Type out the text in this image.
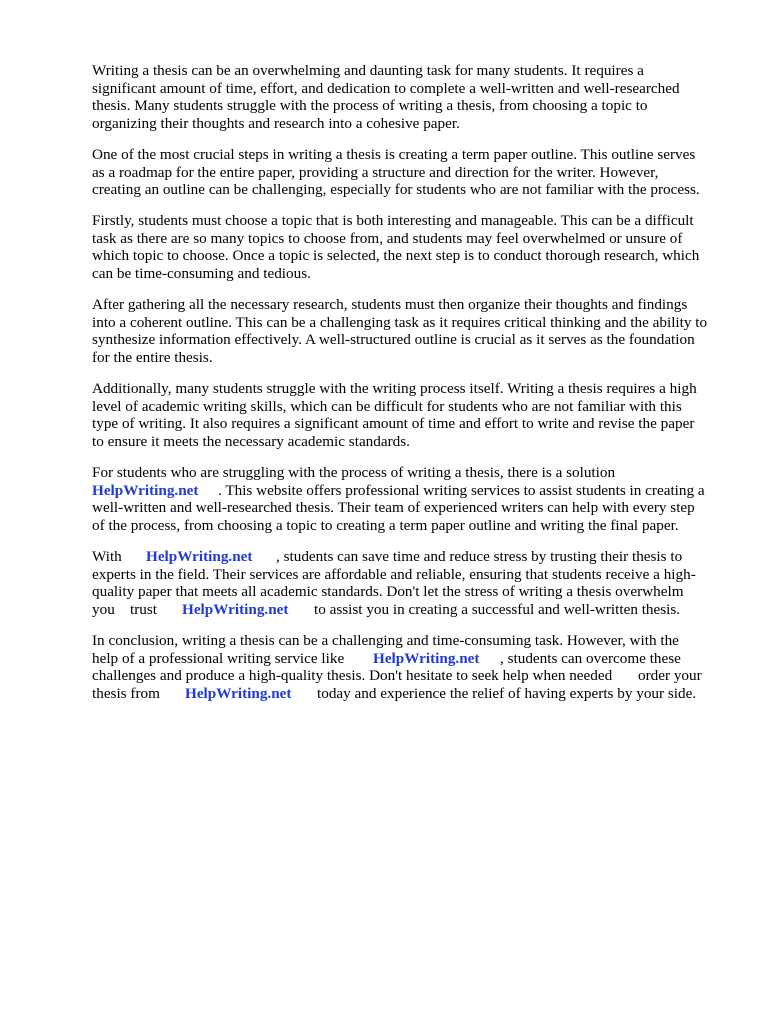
Writing a thesis can be an overwhelming and daunting task for many students. It requires a

significant amount of time, effort, and dedication to complete a well-written and well-researched

thesis. Many students struggle with the process of writing a thesis, from choosing a topic to

organizing their thoughts and research into a cohesive paper.

One of the most crucial steps in writing a thesis is creating a term paper outline. This outline serves

as a roadmap for the entire paper, providing a structure and direction for the writer. However,

creating an outline can be challenging, especially for students who are not familiar with the process.

Firstly, students must choose a topic that is both interesting and manageable. This can be a difficult

task as there are so many topics to choose from, and students may feel overwhelmed or unsure of

which topic to choose. Once a topic is selected, the next step is to conduct thorough research, which

can be time-consuming and tedious.

After gathering all the necessary research, students must then organize their thoughts and findings

into a coherent outline. This can be a challenging task as it requires critical thinking and the ability to

synthesize information effectively. A well-structured outline is crucial as it serves as the foundation

for the entire thesis.

Additionally, many students struggle with the writing process itself. Writing a thesis requires a high

level of academic writing skills, which can be difficult for students who are not familiar with this

type of writing. It also requires a significant amount of time and effort to write and revise the paper

to ensure it meets the necessary academic standards.

For students who are struggling with the process of writing a thesis, there is a solution

HelpWriting.net

. This website offers professional writing services to assist students in creating a

well-written and well-researched thesis. Their team of experienced writers can help with every step

of the process, from choosing a topic to creating a term paper outline and writing the final paper.

With

HelpWriting.net

, students can save time and reduce stress by trusting their thesis to

experts in the field. Their services are affordable and reliable, ensuring that students receive a high-

quality paper that meets all academic standards. Don't let the stress of writing a thesis overwhelm

you

trust

HelpWriting.net

to assist you in creating a successful and well-written thesis.

In conclusion, writing a thesis can be a challenging and time-consuming task. However, with the

help of a professional writing service like

HelpWriting.net

, students can overcome these

challenges and produce a high-quality thesis. Don't hesitate to seek help when needed

order your

thesis from

HelpWriting.net

today and experience the relief of having experts by your side.
